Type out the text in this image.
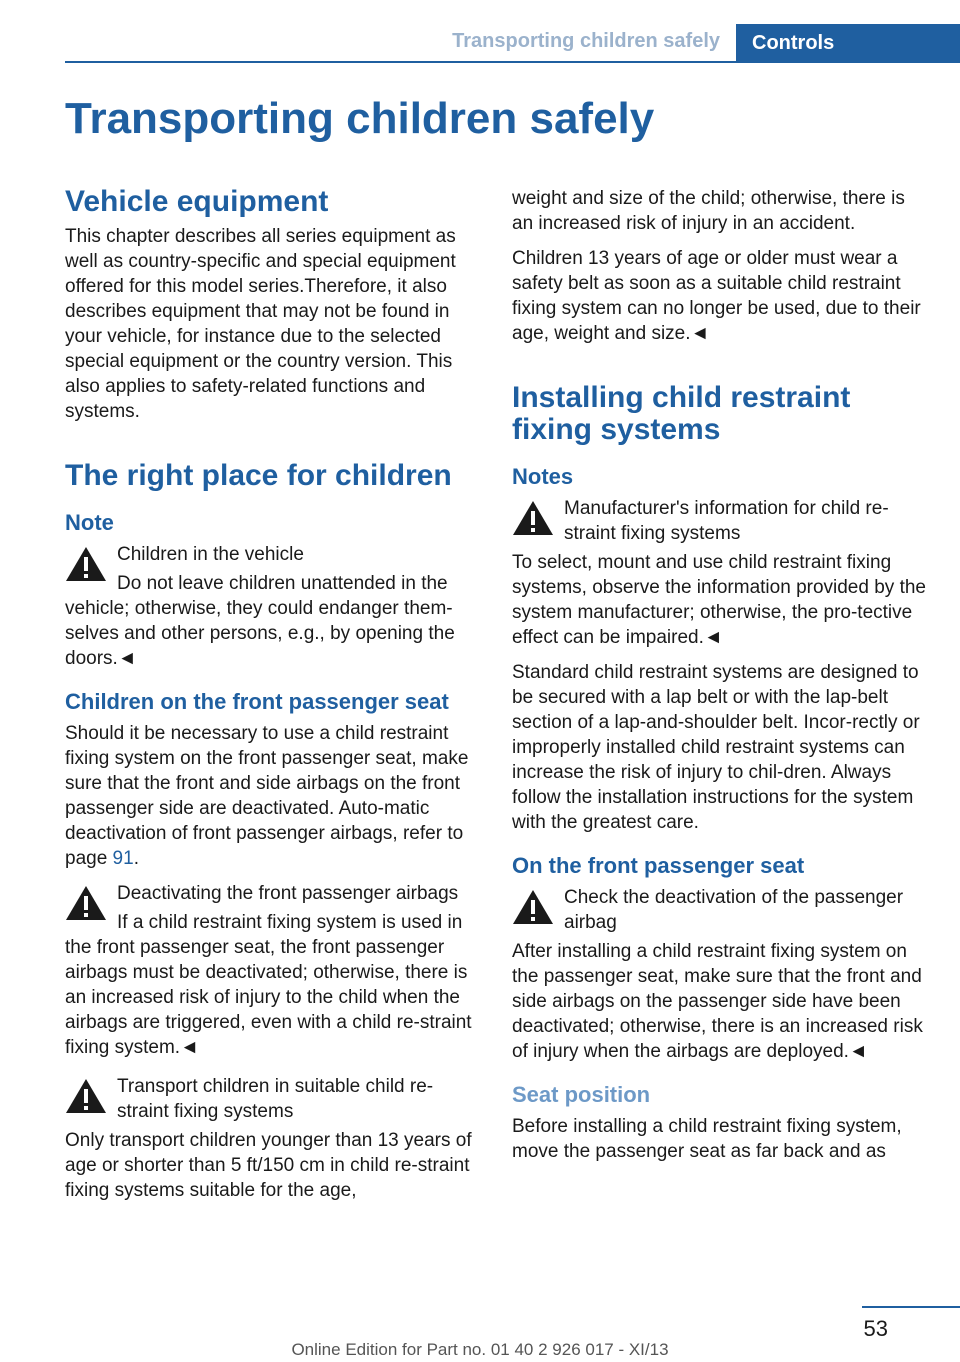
Transporting children safely	Controls
Transporting children safely
Vehicle equipment

This chapter describes all series equipment as well as country-specific and special equipment offered for this model series.Therefore, it also describes equipment that may not be found in your vehicle, for instance due to the selected special equipment or the country version. This also applies to safety-related functions and systems.

The right place for children
Note
Children in the vehicle

Do not leave children unattended in the vehicle; otherwise, they could endanger them-selves and other persons, e.g., by opening the doors.◄

Children on the front passenger seat

Should it be necessary to use a child restraint fixing system on the front passenger seat, make sure that the front and side airbags on the front passenger side are deactivated. Auto-matic deactivation of front passenger airbags, refer to page 91.

Deactivating the front passenger airbags

If a child restraint fixing system is used in the front passenger seat, the front passenger airbags must be deactivated; otherwise, there is an increased risk of injury to the child when the airbags are triggered, even with a child re-straint fixing system.◄

Transport children in suitable child re-straint fixing systems

Only transport children younger than 13 years of age or shorter than 5 ft/150 cm in child re-straint fixing systems suitable for the age,

weight and size of the child; otherwise, there is an increased risk of injury in an accident.

Children 13 years of age or older must wear a safety belt as soon as a suitable child restraint fixing system can no longer be used, due to their age, weight and size.◄

Installing child restraint fixing systems
Notes
Manufacturer's information for child re-straint fixing systems

To select, mount and use child restraint fixing systems, observe the information provided by the system manufacturer; otherwise, the pro-tective effect can be impaired.◄

Standard child restraint systems are designed to be secured with a lap belt or with the lap-belt section of a lap-and-shoulder belt. Incor-rectly or improperly installed child restraint systems can increase the risk of injury to chil-dren. Always follow the installation instructions for the system with the greatest care.

On the front passenger seat
Check the deactivation of the passenger airbag

After installing a child restraint fixing system on the passenger seat, make sure that the front and side airbags on the passenger side have been deactivated; otherwise, there is an increased risk of injury when the airbags are deployed.◄

Seat position

Before installing a child restraint fixing system, move the passenger seat as far back and as

53
Online Edition for Part no. 01 40 2 926 017 - XI/13
